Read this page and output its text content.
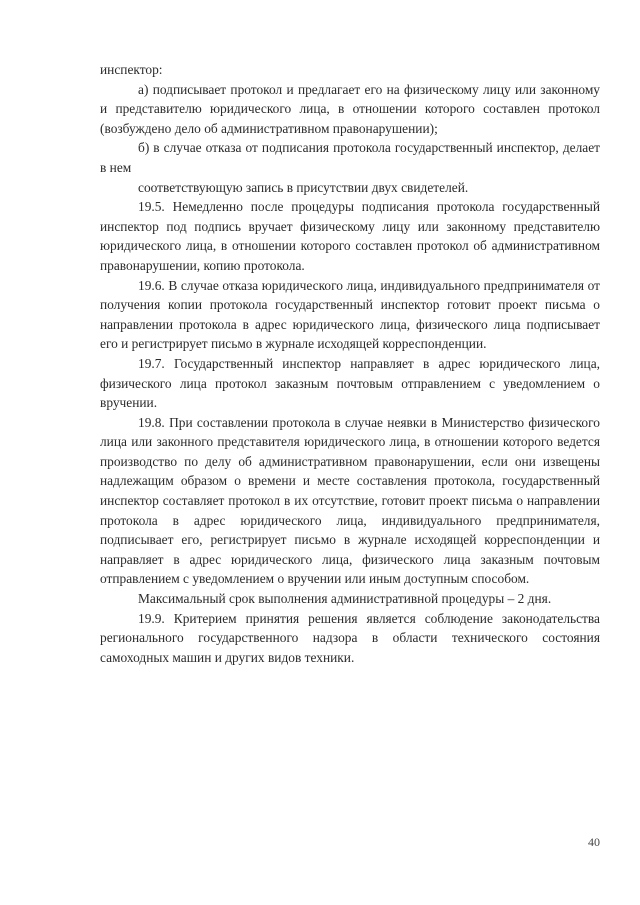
инспектор:

а) подписывает протокол и предлагает его на физическому лицу или законному и представителю юридического лица, в отношении которого составлен протокол (возбуждено дело об административном правонарушении);

б) в случае отказа от подписания протокола государственный инспектор, делает в нем

соответствующую запись в присутствии двух свидетелей.

19.5. Немедленно после процедуры подписания протокола государственный инспектор под подпись вручает физическому лицу или законному представителю юридического лица, в отношении которого составлен протокол об административном правонарушении, копию протокола.

19.6. В случае отказа юридического лица, индивидуального предпринимателя от получения копии протокола государственный инспектор готовит проект письма о направлении протокола в адрес юридического лица, физического лица подписывает его и регистрирует письмо в журнале исходящей корреспонденции.

19.7. Государственный инспектор направляет в адрес юридического лица, физического лица протокол заказным почтовым отправлением с уведомлением о вручении.

19.8. При составлении протокола в случае неявки в Министерство физического лица или законного представителя юридического лица, в отношении которого ведется производство по делу об административном правонарушении, если они извещены надлежащим образом о времени и месте составления протокола, государственный инспектор составляет протокол в их отсутствие, готовит проект письма о направлении протокола в адрес юридического лица, индивидуального предпринимателя, подписывает его, регистрирует письмо в журнале исходящей корреспонденции и направляет в адрес юридического лица, физического лица заказным почтовым отправлением с уведомлением о вручении или иным доступным способом.

Максимальный срок выполнения административной процедуры – 2 дня.

19.9. Критерием принятия решения является соблюдение законодательства регионального государственного надзора в области технического состояния самоходных машин и других видов техники.

40
